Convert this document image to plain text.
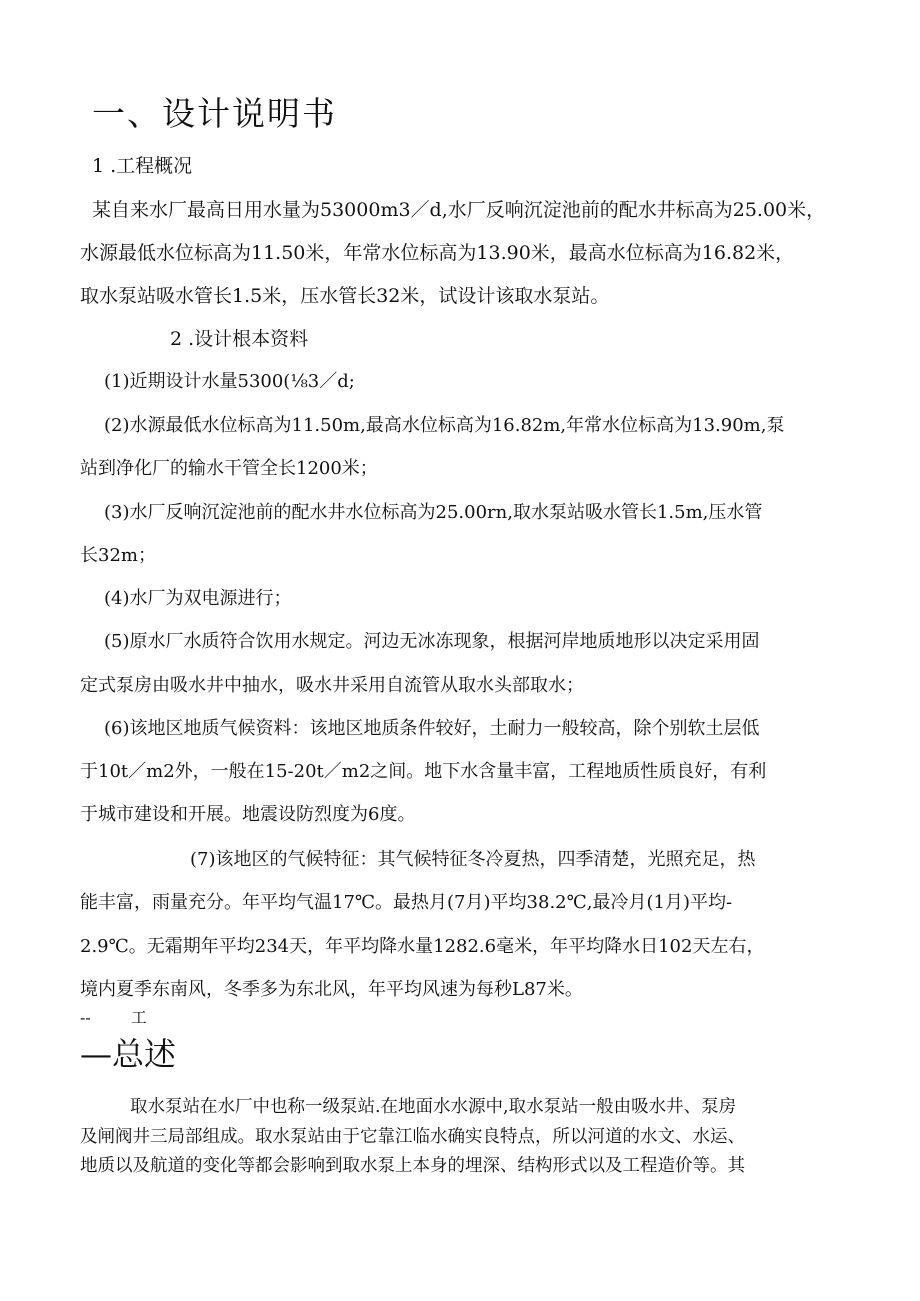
一、设计说明书
1 .工程概况
某自来水厂最高日用水量为53000m3／d,水厂反响沉淀池前的配水井标高为25.00米，
水源最低水位标高为11.50米，年常水位标高为13.90米，最高水位标高为16.82米，
取水泵站吸水管长1.5米，压水管长32米，试设计该取水泵站。
2 .设计根本资料
(1)近期设计水量5300(⅛3／d;
(2)水源最低水位标高为11.50m,最高水位标高为16.82m,年常水位标高为13.90m,泵
站到净化厂的输水干管全长1200米；
(3)水厂反响沉淀池前的配水井水位标高为25.00rn,取水泵站吸水管长1.5m,压水管
长32m；
(4)水厂为双电源进行；
(5)原水厂水质符合饮用水规定。河边无冰冻现象，根据河岸地质地形以决定采用固
定式泵房由吸水井中抽水，吸水井采用自流管从取水头部取水；
(6)该地区地质气候资料：该地区地质条件较好，土耐力一般较高，除个别软土层低
于10t／m2外，一般在15-20t／m2之间。地下水含量丰富，工程地质性质良好，有利
于城市建设和开展。地震设防烈度为6度。
(7)该地区的气候特征：其气候特征冬冷夏热，四季清楚，光照充足，热
能丰富，雨量充分。年平均气温17℃。最热月(7月)平均38.2℃,最冷月(1月)平均-
2.9℃。无霜期年平均234天，年平均降水量1282.6毫米，年平均降水日102天左右，
境内夏季东南风，冬季多为东北风，年平均风速为每秒L87米。
--	工
—总述
取水泵站在水厂中也称一级泵站.在地面水水源中,取水泵站一般由吸水井、泵房
及闸阀井三局部组成。取水泵站由于它靠江临水确实良特点，所以河道的水文、水运、
地质以及航道的变化等都会影响到取水泵上本身的埋深、结构形式以及工程造价等。其
